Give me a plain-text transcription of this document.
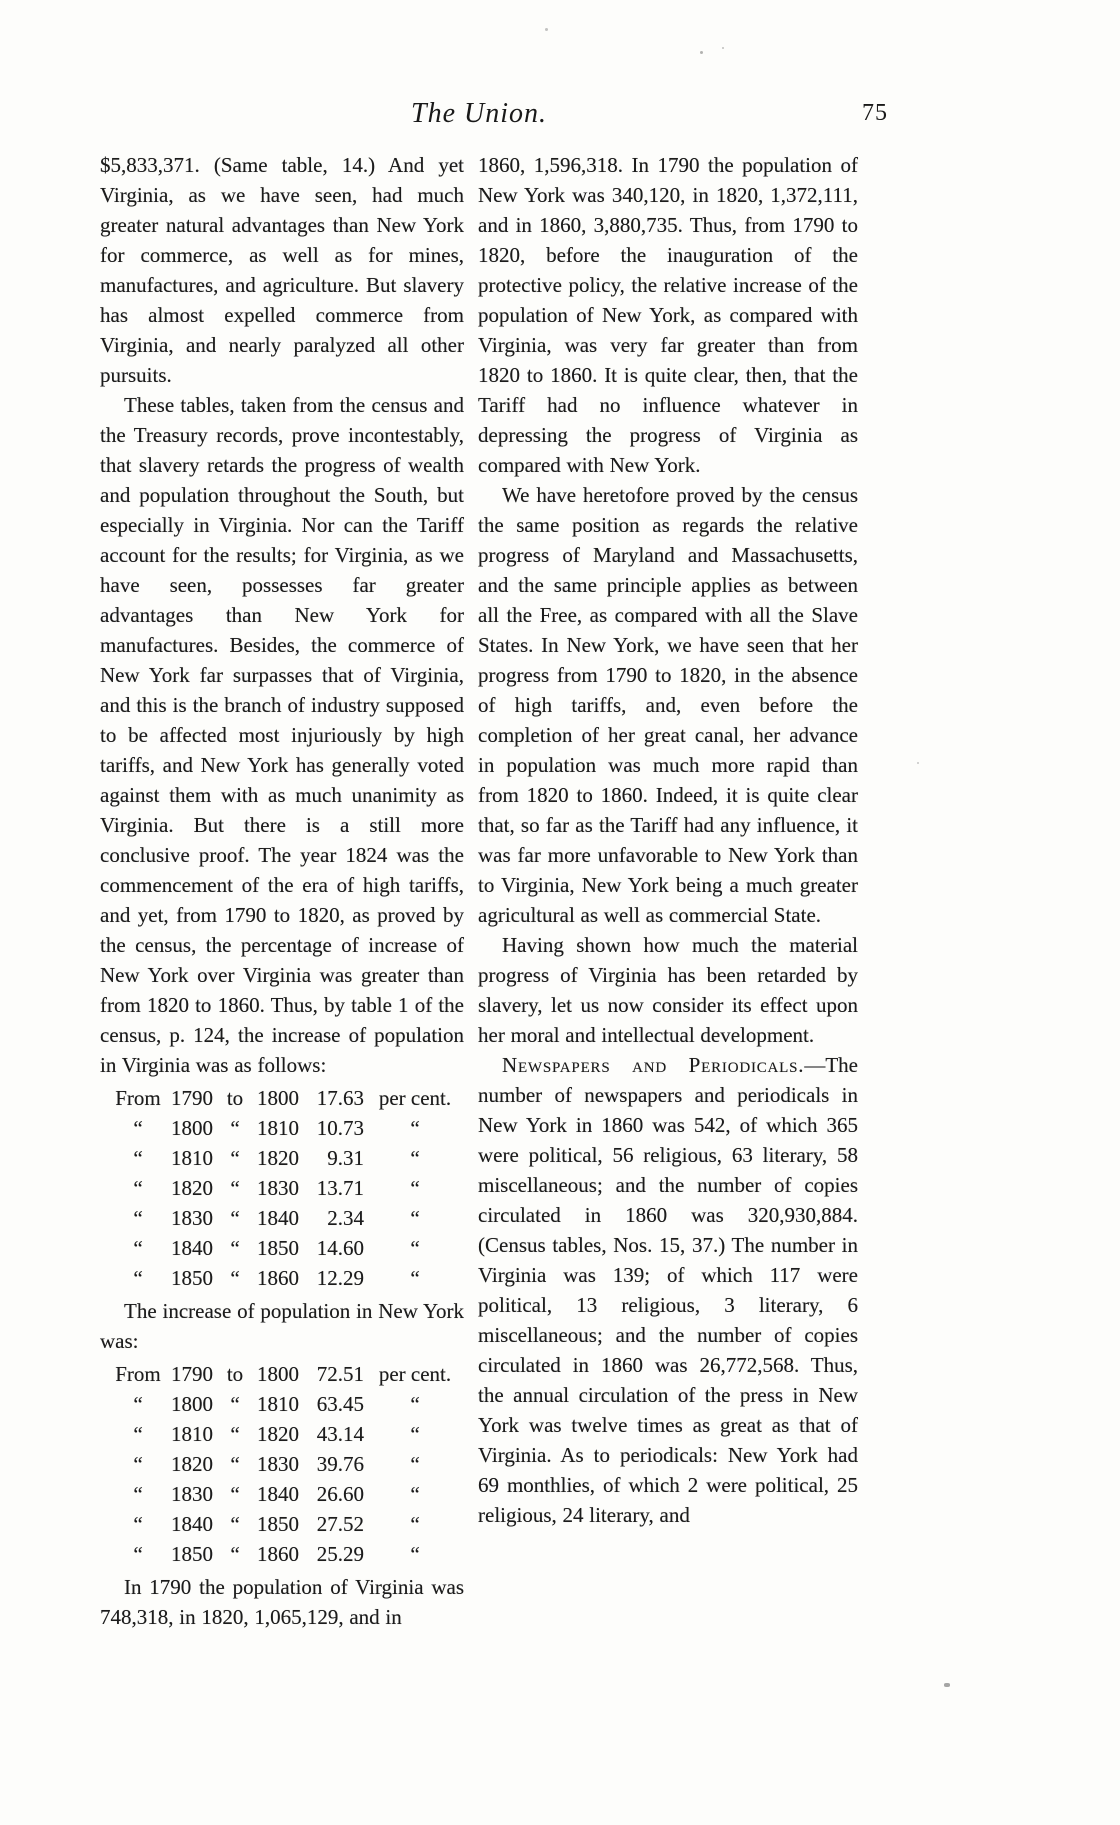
The Union.	75

$5,833,371. (Same table, 14.) And yet Virginia, as we have seen, had much greater natural advantages than New York for commerce, as well as for mines, manufactures, and agriculture. But slavery has almost expelled commerce from Virginia, and nearly paralyzed all other pursuits.

These tables, taken from the census and the Treasury records, prove incontestably, that slavery retards the progress of wealth and population throughout the South, but especially in Virginia. Nor can the Tariff account for the results; for Virginia, as we have seen, possesses far greater advantages than New York for manufactures. Besides, the commerce of New York far surpasses that of Virginia, and this is the branch of industry supposed to be affected most injuriously by high tariffs, and New York has generally voted against them with as much unanimity as Virginia. But there is a still more conclusive proof. The year 1824 was the commencement of the era of high tariffs, and yet, from 1790 to 1820, as proved by the census, the percentage of increase of New York over Virginia was greater than from 1820 to 1860. Thus, by table 1 of the census, p. 124, the increase of population in Virginia was as follows:

From	1790	to	1800	17.63	per cent.
“	1800	“	1810	10.73	“
“	1810	“	1820	9.31	“
“	1820	“	1830	13.71	“
“	1830	“	1840	2.34	“
“	1840	“	1850	14.60	“
“	1850	“	1860	12.29	“

The increase of population in New York was:

From	1790	to	1800	72.51	per cent.
“	1800	“	1810	63.45	“
“	1810	“	1820	43.14	“
“	1820	“	1830	39.76	“
“	1830	“	1840	26.60	“
“	1840	“	1850	27.52	“
“	1850	“	1860	25.29	“

In 1790 the population of Virginia was 748,318, in 1820, 1,065,129, and in

1860, 1,596,318. In 1790 the population of New York was 340,120, in 1820, 1,372,111, and in 1860, 3,880,735. Thus, from 1790 to 1820, before the inauguration of the protective policy, the relative increase of the population of New York, as compared with Virginia, was very far greater than from 1820 to 1860. It is quite clear, then, that the Tariff had no influence whatever in depressing the progress of Virginia as compared with New York.

We have heretofore proved by the census the same position as regards the relative progress of Maryland and Massachusetts, and the same principle applies as between all the Free, as compared with all the Slave States. In New York, we have seen that her progress from 1790 to 1820, in the absence of high tariffs, and, even before the completion of her great canal, her advance in population was much more rapid than from 1820 to 1860. Indeed, it is quite clear that, so far as the Tariff had any influence, it was far more unfavorable to New York than to Virginia, New York being a much greater agricultural as well as commercial State.

Having shown how much the material progress of Virginia has been retarded by slavery, let us now consider its effect upon her moral and intellectual development.

Newspapers and Periodicals.—The number of newspapers and periodicals in New York in 1860 was 542, of which 365 were political, 56 religious, 63 literary, 58 miscellaneous; and the number of copies circulated in 1860 was 320,930,884. (Census tables, Nos. 15, 37.) The number in Virginia was 139; of which 117 were political, 13 religious, 3 literary, 6 miscellaneous; and the number of copies circulated in 1860 was 26,772,568. Thus, the annual circulation of the press in New York was twelve times as great as that of Virginia. As to periodicals: New York had 69 monthlies, of which 2 were political, 25 religious, 24 literary, and
